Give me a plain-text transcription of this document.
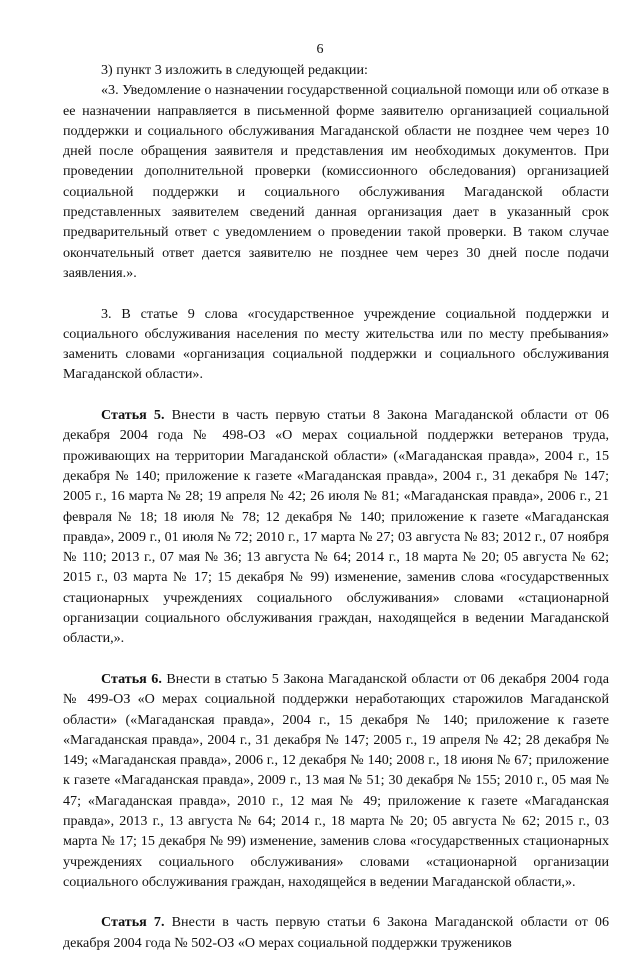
6

3) пункт 3 изложить в следующей редакции:

«3. Уведомление о назначении государственной социальной помощи или об отказе в ее назначении направляется в письменной форме заявителю организацией социальной поддержки и социального обслуживания Магаданской области не позднее чем через 10 дней после обращения заявителя и представления им необходимых документов. При проведении дополнительной проверки (комиссионного обследования) организацией социальной поддержки и социального обслуживания Магаданской области представленных заявителем сведений данная организация дает в указанный срок предварительный ответ с уведомлением о проведении такой проверки. В таком случае окончательный ответ дается заявителю не позднее чем через 30 дней после подачи заявления.».

3. В статье 9 слова «государственное учреждение социальной поддержки и социального обслуживания населения по месту жительства или по месту пребывания» заменить словами «организация социальной поддержки и социального обслуживания Магаданской области».

Статья 5. Внести в часть первую статьи 8 Закона Магаданской области от 06 декабря 2004 года № 498-ОЗ «О мерах социальной поддержки ветеранов труда, проживающих на территории Магаданской области» («Магаданская правда», 2004 г., 15 декабря № 140; приложение к газете «Магаданская правда», 2004 г., 31 декабря № 147; 2005 г., 16 марта № 28; 19 апреля № 42; 26 июля № 81; «Магаданская правда», 2006 г., 21 февраля № 18; 18 июля № 78; 12 декабря № 140; приложение к газете «Магаданская правда», 2009 г., 01 июля № 72; 2010 г., 17 марта № 27; 03 августа № 83; 2012 г., 07 ноября № 110; 2013 г., 07 мая № 36; 13 августа № 64; 2014 г., 18 марта № 20; 05 августа № 62; 2015 г., 03 марта № 17; 15 декабря № 99) изменение, заменив слова «государственных стационарных учреждениях социального обслуживания» словами «стационарной организации социального обслуживания граждан, находящейся в ведении Магаданской области,».

Статья 6. Внести в статью 5 Закона Магаданской области от 06 декабря 2004 года № 499-ОЗ «О мерах социальной поддержки неработающих старожилов Магаданской области» («Магаданская правда», 2004 г., 15 декабря № 140; приложение к газете «Магаданская правда», 2004 г., 31 декабря № 147; 2005 г., 19 апреля № 42; 28 декабря № 149; «Магаданская правда», 2006 г., 12 декабря № 140; 2008 г., 18 июня № 67; приложение к газете «Магаданская правда», 2009 г., 13 мая № 51; 30 декабря № 155; 2010 г., 05 мая № 47; «Магаданская правда», 2010 г., 12 мая № 49; приложение к газете «Магаданская правда», 2013 г., 13 августа № 64; 2014 г., 18 марта № 20; 05 августа № 62; 2015 г., 03 марта № 17; 15 декабря № 99) изменение, заменив слова «государственных стационарных учреждениях социального обслуживания» словами «стационарной организации социального обслуживания граждан, находящейся в ведении Магаданской области,».

Статья 7. Внести в часть первую статьи 6 Закона Магаданской области от 06 декабря 2004 года № 502-ОЗ «О мерах социальной поддержки тружеников
